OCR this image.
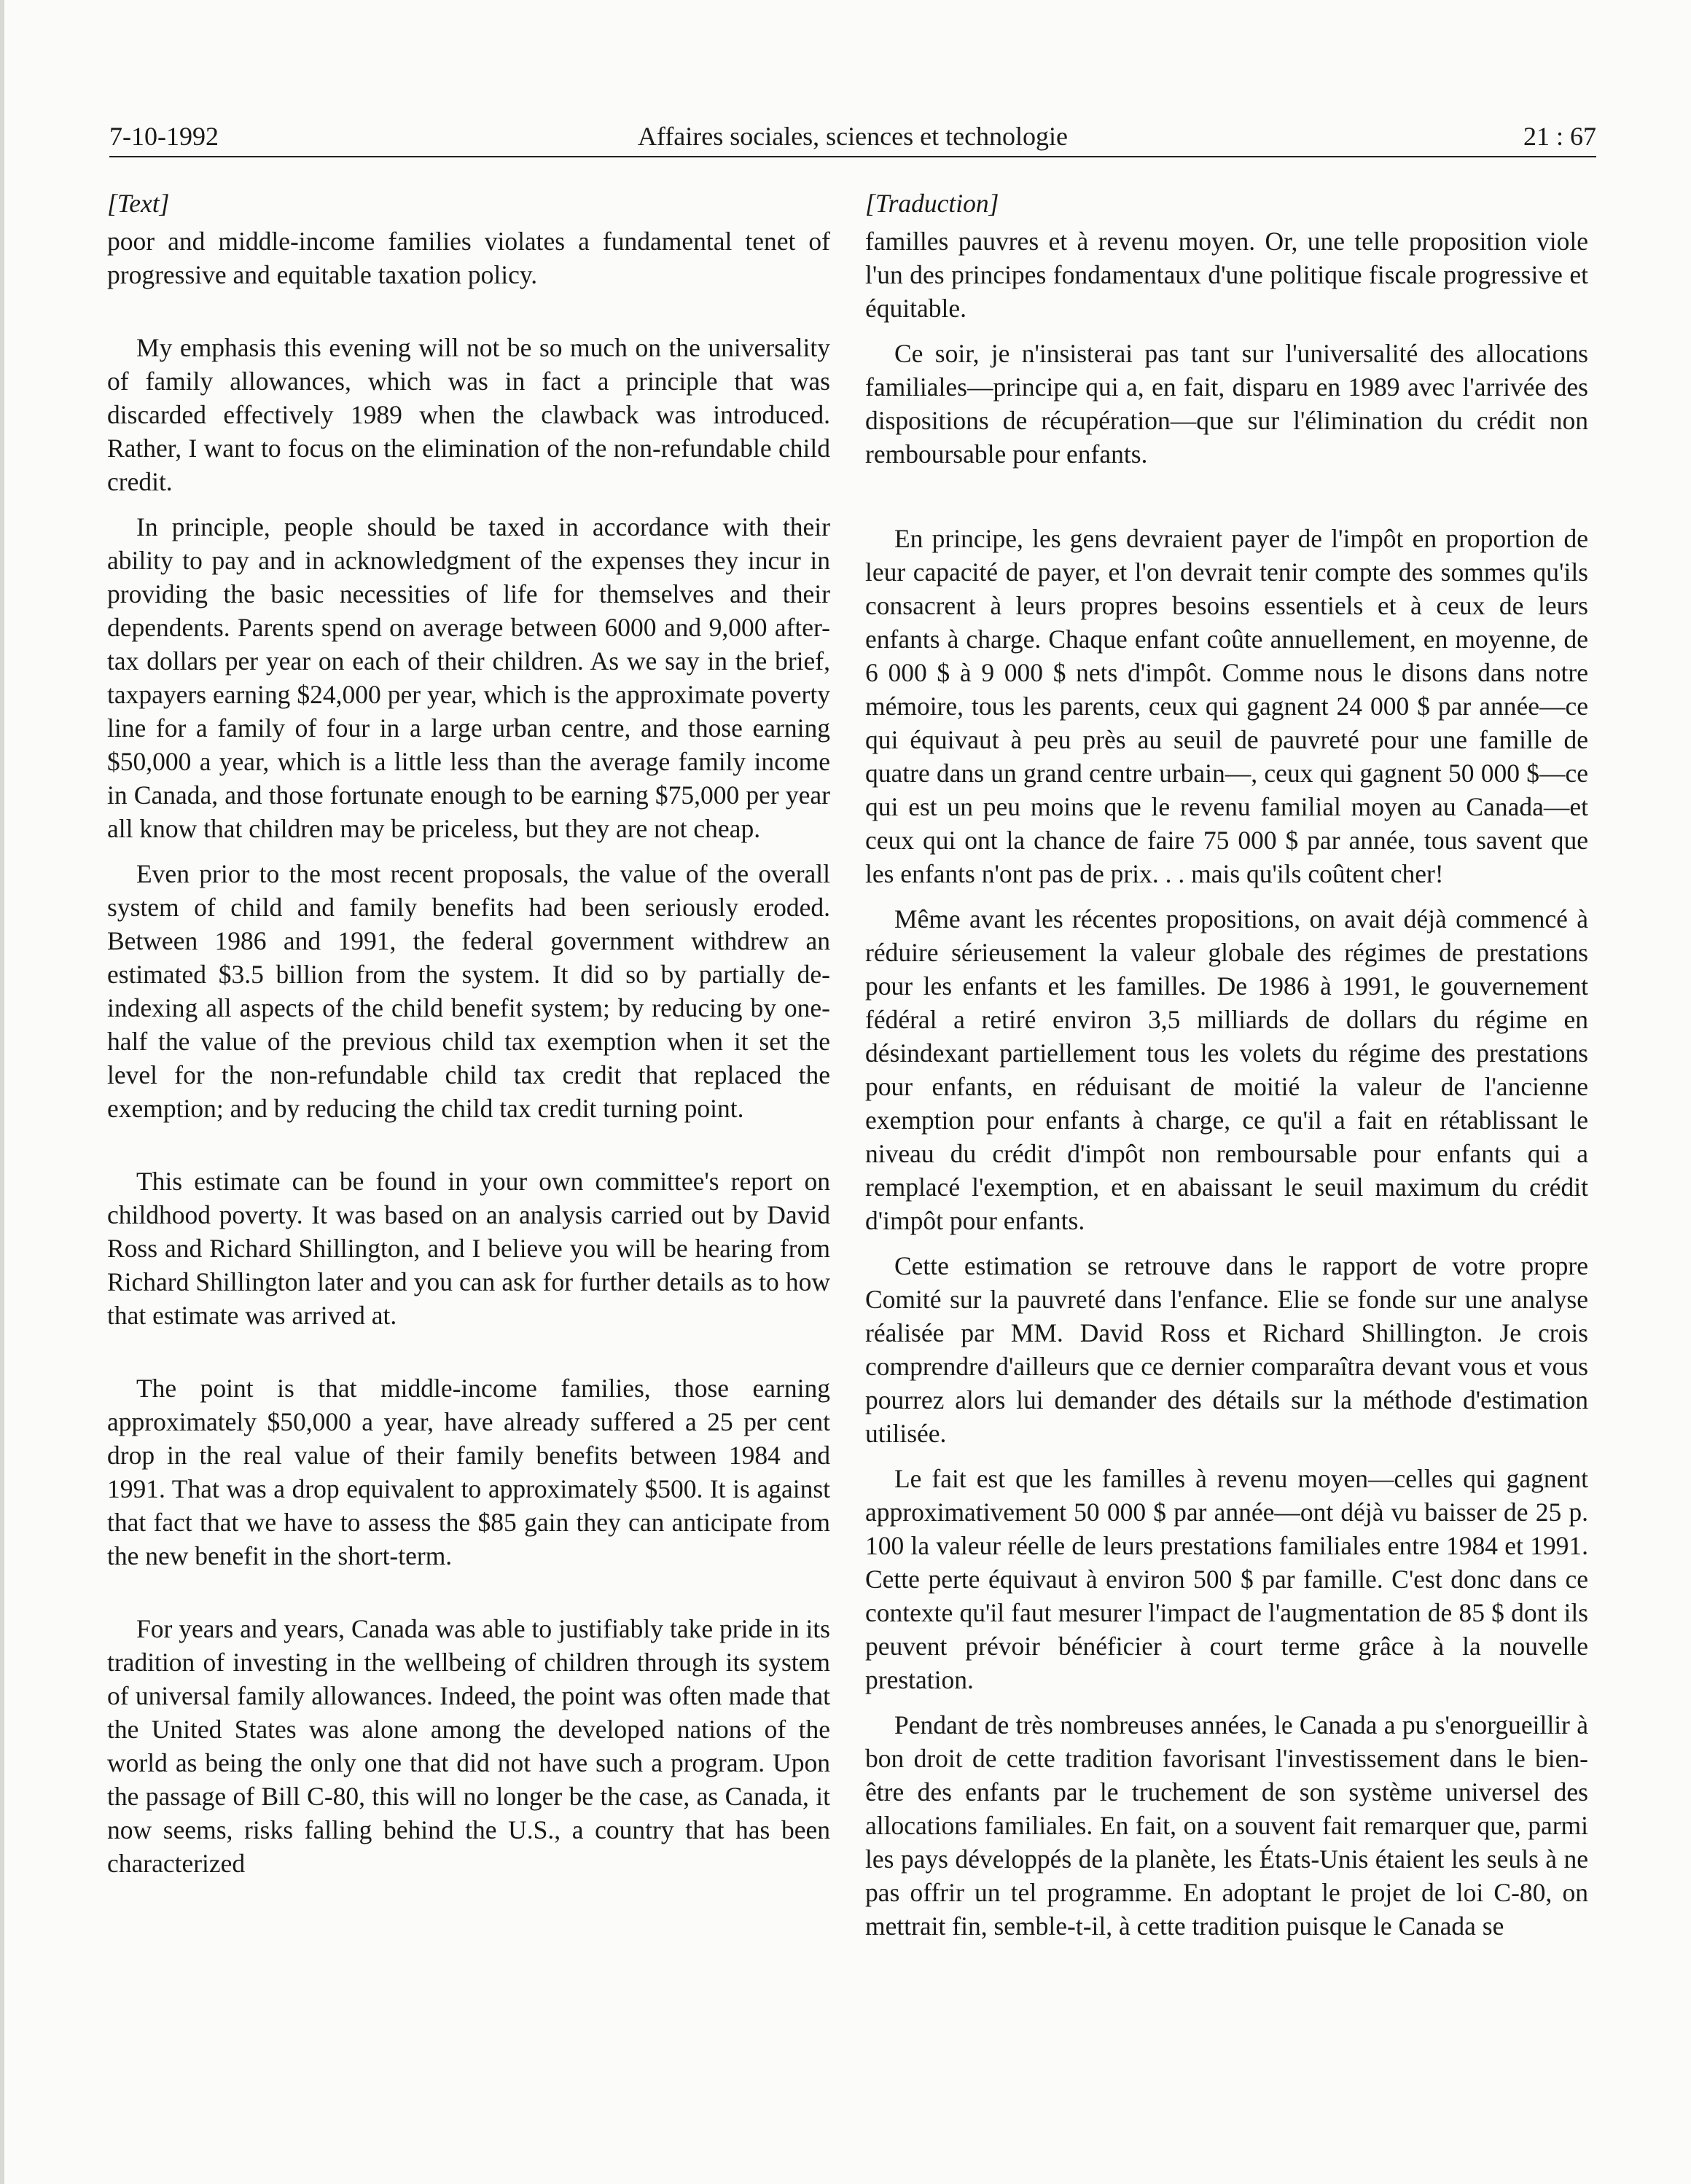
7-10-1992	Affaires sociales, sciences et technologie	21 : 67

[Text]

poor and middle-income families violates a fundamental tenet of progressive and equitable taxation policy.

My emphasis this evening will not be so much on the universality of family allowances, which was in fact a principle that was discarded effectively 1989 when the clawback was introduced. Rather, I want to focus on the elimination of the non-refundable child credit.

In principle, people should be taxed in accordance with their ability to pay and in acknowledgment of the expenses they incur in providing the basic necessities of life for themselves and their dependents. Parents spend on average between 6000 and 9,000 after-tax dollars per year on each of their children. As we say in the brief, taxpayers earning $24,000 per year, which is the approximate poverty line for a family of four in a large urban centre, and those earning $50,000 a year, which is a little less than the average family income in Canada, and those fortunate enough to be earning $75,000 per year all know that children may be priceless, but they are not cheap.

Even prior to the most recent proposals, the value of the overall system of child and family benefits had been seriously eroded. Between 1986 and 1991, the federal government withdrew an estimated $3.5 billion from the system. It did so by partially de-indexing all aspects of the child benefit system; by reducing by one-half the value of the previous child tax exemption when it set the level for the non-refundable child tax credit that replaced the exemption; and by reducing the child tax credit turning point.

This estimate can be found in your own committee's report on childhood poverty. It was based on an analysis carried out by David Ross and Richard Shillington, and I believe you will be hearing from Richard Shillington later and you can ask for further details as to how that estimate was arrived at.

The point is that middle-income families, those earning approximately $50,000 a year, have already suffered a 25 per cent drop in the real value of their family benefits between 1984 and 1991. That was a drop equivalent to approximately $500. It is against that fact that we have to assess the $85 gain they can anticipate from the new benefit in the short-term.

For years and years, Canada was able to justifiably take pride in its tradition of investing in the wellbeing of children through its system of universal family allowances. Indeed, the point was often made that the United States was alone among the developed nations of the world as being the only one that did not have such a program. Upon the passage of Bill C-80, this will no longer be the case, as Canada, it now seems, risks falling behind the U.S., a country that has been characterized

[Traduction]

familles pauvres et à revenu moyen. Or, une telle proposition viole l'un des principes fondamentaux d'une politique fiscale progressive et équitable.

Ce soir, je n'insisterai pas tant sur l'universalité des allocations familiales—principe qui a, en fait, disparu en 1989 avec l'arrivée des dispositions de récupération—que sur l'élimination du crédit non remboursable pour enfants.

En principe, les gens devraient payer de l'impôt en proportion de leur capacité de payer, et l'on devrait tenir compte des sommes qu'ils consacrent à leurs propres besoins essentiels et à ceux de leurs enfants à charge. Chaque enfant coûte annuellement, en moyenne, de 6 000 $ à 9 000 $ nets d'impôt. Comme nous le disons dans notre mémoire, tous les parents, ceux qui gagnent 24 000 $ par année—ce qui équivaut à peu près au seuil de pauvreté pour une famille de quatre dans un grand centre urbain—, ceux qui gagnent 50 000 $—ce qui est un peu moins que le revenu familial moyen au Canada—et ceux qui ont la chance de faire 75 000 $ par année, tous savent que les enfants n'ont pas de prix. . . mais qu'ils coûtent cher!

Même avant les récentes propositions, on avait déjà commencé à réduire sérieusement la valeur globale des régimes de prestations pour les enfants et les familles. De 1986 à 1991, le gouvernement fédéral a retiré environ 3,5 milliards de dollars du régime en désindexant partiellement tous les volets du régime des prestations pour enfants, en réduisant de moitié la valeur de l'ancienne exemption pour enfants à charge, ce qu'il a fait en rétablissant le niveau du crédit d'impôt non remboursable pour enfants qui a remplacé l'exemption, et en abaissant le seuil maximum du crédit d'impôt pour enfants.

Cette estimation se retrouve dans le rapport de votre propre Comité sur la pauvreté dans l'enfance. Elie se fonde sur une analyse réalisée par MM. David Ross et Richard Shillington. Je crois comprendre d'ailleurs que ce dernier comparaîtra devant vous et vous pourrez alors lui demander des détails sur la méthode d'estimation utilisée.

Le fait est que les familles à revenu moyen—celles qui gagnent approximativement 50 000 $ par année—ont déjà vu baisser de 25 p. 100 la valeur réelle de leurs prestations familiales entre 1984 et 1991. Cette perte équivaut à environ 500 $ par famille. C'est donc dans ce contexte qu'il faut mesurer l'impact de l'augmentation de 85 $ dont ils peuvent prévoir bénéficier à court terme grâce à la nouvelle prestation.

Pendant de très nombreuses années, le Canada a pu s'enorgueillir à bon droit de cette tradition favorisant l'investissement dans le bien-être des enfants par le truchement de son système universel des allocations familiales. En fait, on a souvent fait remarquer que, parmi les pays développés de la planète, les États-Unis étaient les seuls à ne pas offrir un tel programme. En adoptant le projet de loi C-80, on mettrait fin, semble-t-il, à cette tradition puisque le Canada se
